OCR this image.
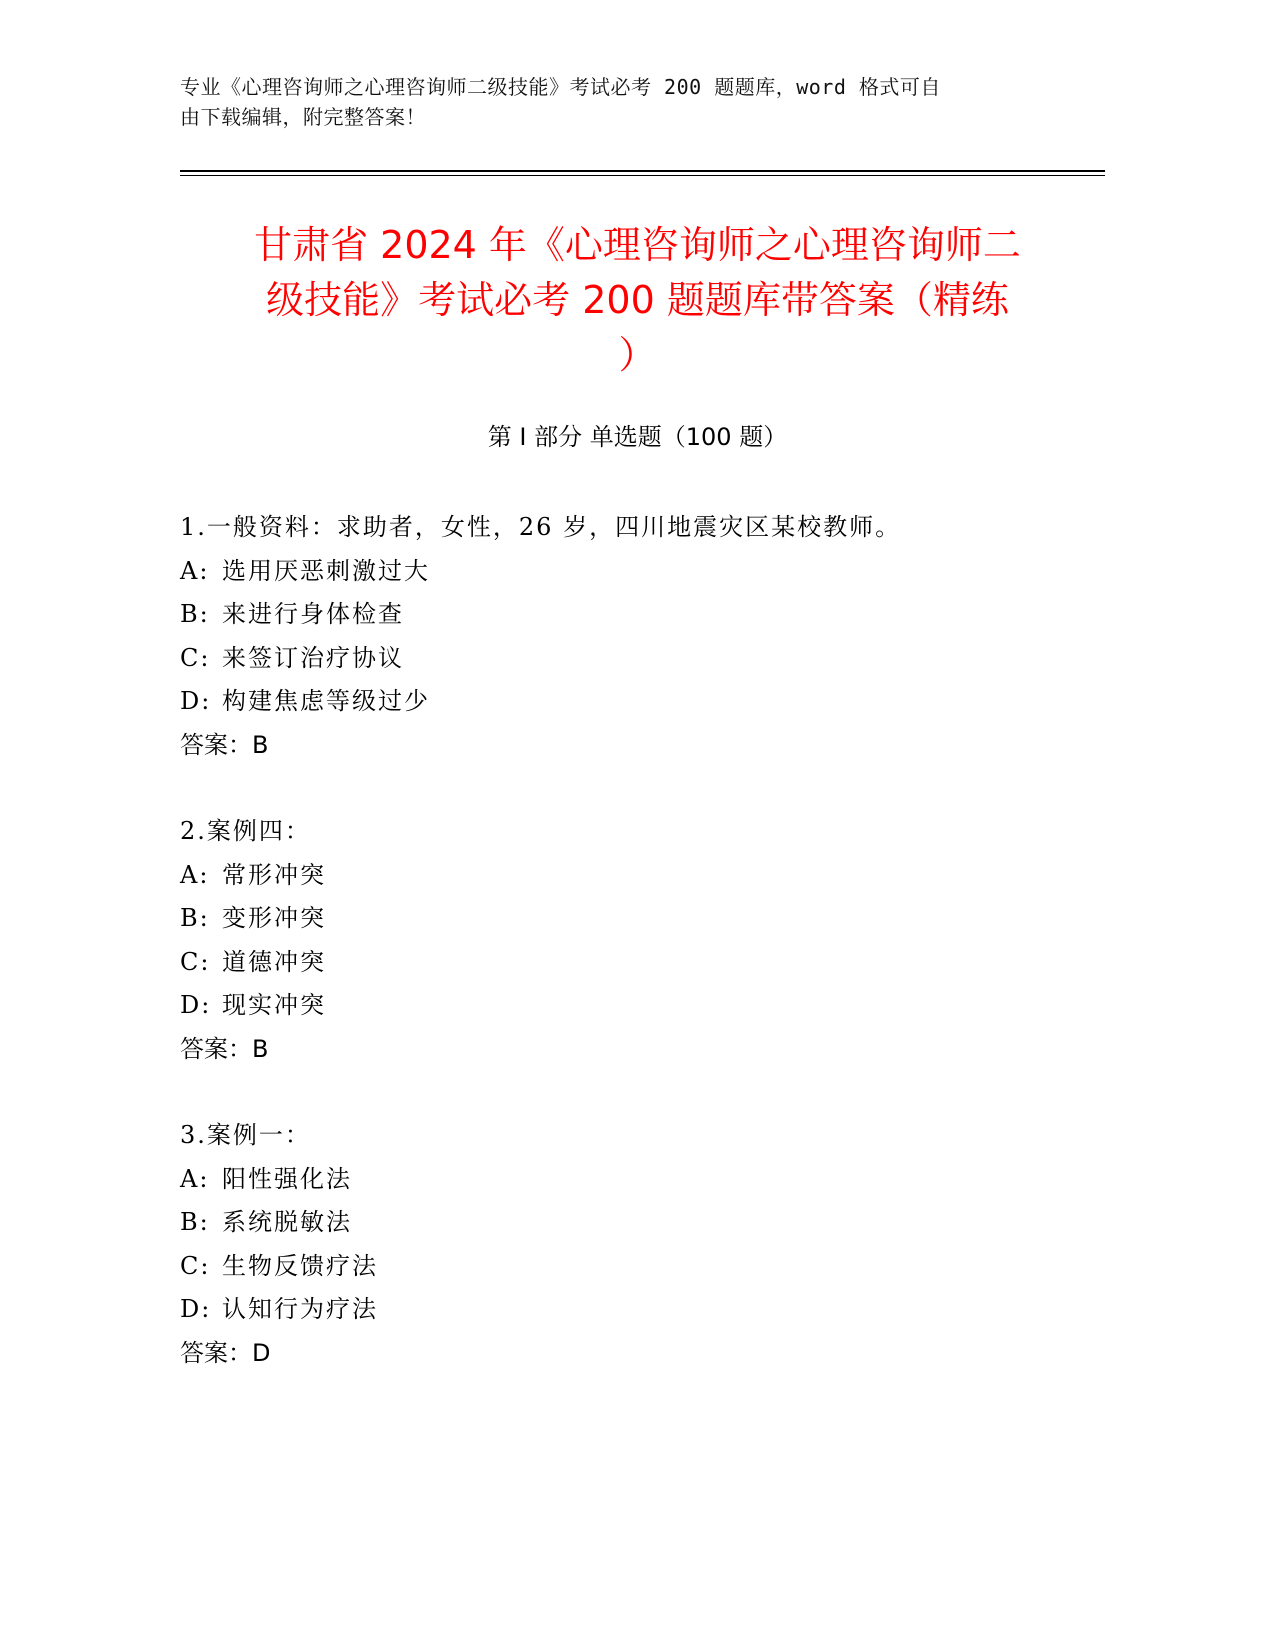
专业《心理咨询师之心理咨询师二级技能》考试必考 200 题题库，word 格式可自
由下载编辑，附完整答案！
甘肃省 2024 年《心理咨询师之心理咨询师二
级技能》考试必考 200 题题库带答案（精练
）
第 I 部分 单选题（100 题）
1.一般资料：求助者，女性，26 岁，四川地震灾区某校教师。
A: 选用厌恶刺激过大
B: 来进行身体检查
C: 来签订治疗协议
D: 构建焦虑等级过少
答案：B
2.案例四：
A: 常形冲突
B: 变形冲突
C: 道德冲突
D: 现实冲突
答案：B
3.案例一：
A: 阳性强化法
B: 系统脱敏法
C: 生物反馈疗法
D: 认知行为疗法
答案：D
